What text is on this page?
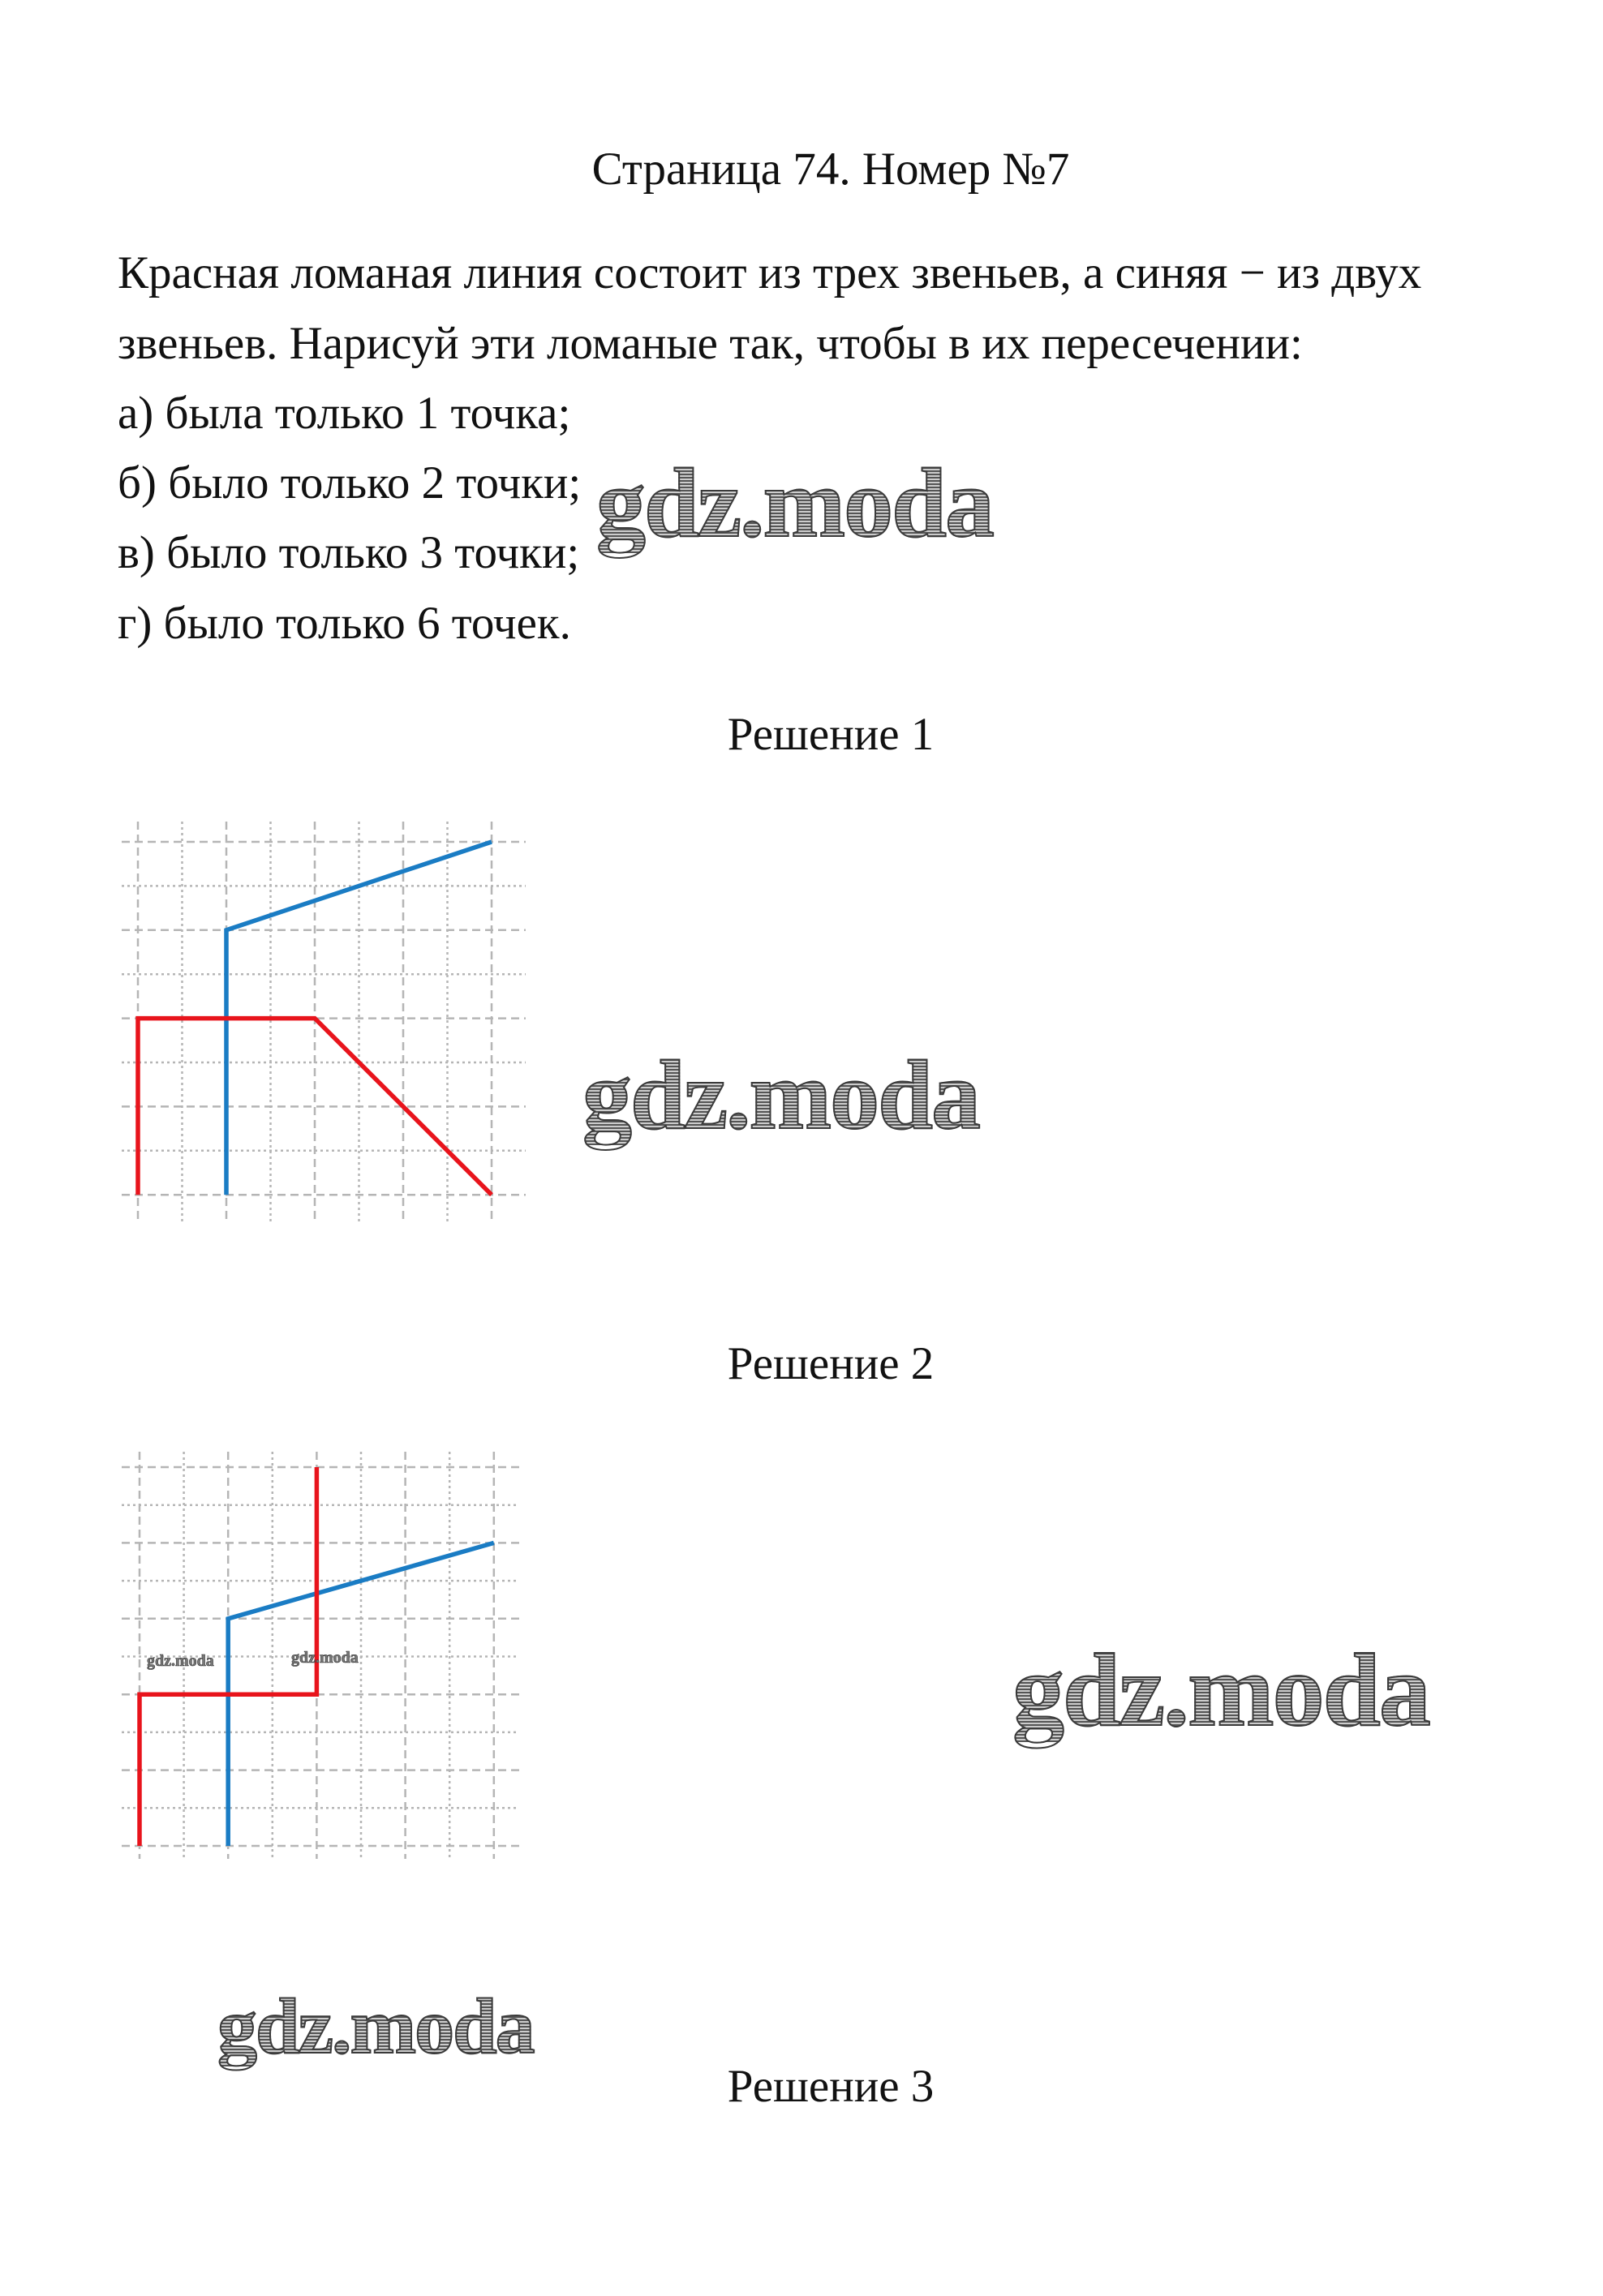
Страница 74. Номер №7
Красная ломаная линия состоит из трех звеньев, а синяя − из двух
звеньев. Нарисуй эти ломаные так, чтобы в их пересечении:
а) была только 1 точка;
б) было только 2 точки;
в) было только 3 точки;
г) было только 6 точек.
Решение 1
Решение 2
Решение 3
gdz.moda
gdz.moda
gdz.moda
gdz.moda
gdz.moda	gdz.moda
